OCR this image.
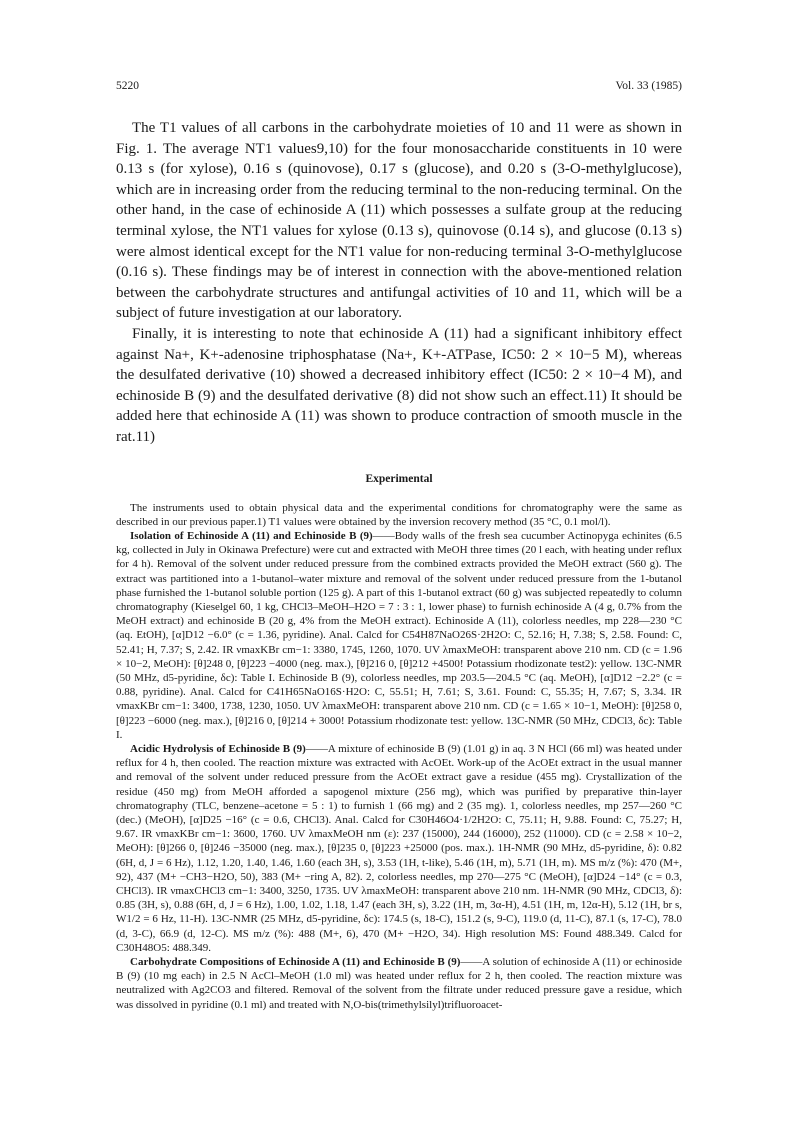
5220	Vol. 33 (1985)

The T1 values of all carbons in the carbohydrate moieties of 10 and 11 were as shown in Fig. 1. The average NT1 values9,10) for the four monosaccharide constituents in 10 were 0.13 s (for xylose), 0.16 s (quinovose), 0.17 s (glucose), and 0.20 s (3-O-methylglucose), which are in increasing order from the reducing terminal to the non-reducing terminal. On the other hand, in the case of echinoside A (11) which possesses a sulfate group at the reducing terminal xylose, the NT1 values for xylose (0.13 s), quinovose (0.14 s), and glucose (0.13 s) were almost identical except for the NT1 value for non-reducing terminal 3-O-methylglucose (0.16 s). These findings may be of interest in connection with the above-mentioned relation between the carbohydrate structures and antifungal activities of 10 and 11, which will be a subject of future investigation at our laboratory.

Finally, it is interesting to note that echinoside A (11) had a significant inhibitory effect against Na+, K+-adenosine triphosphatase (Na+, K+-ATPase, IC50: 2 × 10−5 M), whereas the desulfated derivative (10) showed a decreased inhibitory effect (IC50: 2 × 10−4 M), and echinoside B (9) and the desulfated derivative (8) did not show such an effect.11) It should be added here that echinoside A (11) was shown to produce contraction of smooth muscle in the rat.11)

Experimental

The instruments used to obtain physical data and the experimental conditions for chromatography were the same as described in our previous paper.1) T1 values were obtained by the inversion recovery method (35 °C, 0.1 mol/l).

Isolation of Echinoside A (11) and Echinoside B (9)——Body walls of the fresh sea cucumber Actinopyga echinites (6.5 kg, collected in July in Okinawa Prefecture) were cut and extracted with MeOH three times (20 l each, with heating under reflux for 4 h). Removal of the solvent under reduced pressure from the combined extracts provided the MeOH extract (560 g). The extract was partitioned into a 1-butanol–water mixture and removal of the solvent under reduced pressure from the 1-butanol phase furnished the 1-butanol soluble portion (125 g). A part of this 1-butanol extract (60 g) was subjected repeatedly to column chromatography (Kieselgel 60, 1 kg, CHCl3–MeOH–H2O = 7 : 3 : 1, lower phase) to furnish echinoside A (4 g, 0.7% from the MeOH extract) and echinoside B (20 g, 4% from the MeOH extract). Echinoside A (11), colorless needles, mp 228—230 °C (aq. EtOH), [α]D12 −6.0° (c = 1.36, pyridine). Anal. Calcd for C54H87NaO26S·2H2O: C, 52.16; H, 7.38; S, 2.58. Found: C, 52.41; H, 7.37; S, 2.42. IR νmaxKBr cm−1: 3380, 1745, 1260, 1070. UV λmaxMeOH: transparent above 210 nm. CD (c = 1.96 × 10−2, MeOH): [θ]248 0, [θ]223 −4000 (neg. max.), [θ]216 0, [θ]212 +4500! Potassium rhodizonate test2): yellow. 13C-NMR (50 MHz, d5-pyridine, δc): Table I. Echinoside B (9), colorless needles, mp 203.5—204.5 °C (aq. MeOH), [α]D12 −2.2° (c = 0.88, pyridine). Anal. Calcd for C41H65NaO16S·H2O: C, 55.51; H, 7.61; S, 3.61. Found: C, 55.35; H, 7.67; S, 3.34. IR νmaxKBr cm−1: 3400, 1738, 1230, 1050. UV λmaxMeOH: transparent above 210 nm. CD (c = 1.65 × 10−1, MeOH): [θ]258 0, [θ]223 −6000 (neg. max.), [θ]216 0, [θ]214 + 3000! Potassium rhodizonate test: yellow. 13C-NMR (50 MHz, CDCl3, δc): Table I.

Acidic Hydrolysis of Echinoside B (9)——A mixture of echinoside B (9) (1.01 g) in aq. 3 N HCl (66 ml) was heated under reflux for 4 h, then cooled. The reaction mixture was extracted with AcOEt. Work-up of the AcOEt extract in the usual manner and removal of the solvent under reduced pressure from the AcOEt extract gave a residue (455 mg). Crystallization of the residue (450 mg) from MeOH afforded a sapogenol mixture (256 mg), which was purified by preparative thin-layer chromatography (TLC, benzene–acetone = 5 : 1) to furnish 1 (66 mg) and 2 (35 mg). 1, colorless needles, mp 257—260 °C (dec.) (MeOH), [α]D25 −16° (c = 0.6, CHCl3). Anal. Calcd for C30H46O4·1/2H2O: C, 75.11; H, 9.88. Found: C, 75.27; H, 9.67. IR νmaxKBr cm−1: 3600, 1760. UV λmaxMeOH nm (ε): 237 (15000), 244 (16000), 252 (11000). CD (c = 2.58 × 10−2, MeOH): [θ]266 0, [θ]246 −35000 (neg. max.), [θ]235 0, [θ]223 +25000 (pos. max.). 1H-NMR (90 MHz, d5-pyridine, δ): 0.82 (6H, d, J = 6 Hz), 1.12, 1.20, 1.40, 1.46, 1.60 (each 3H, s), 3.53 (1H, t-like), 5.46 (1H, m), 5.71 (1H, m). MS m/z (%): 470 (M+, 92), 437 (M+ −CH3−H2O, 50), 383 (M+ −ring A, 82). 2, colorless needles, mp 270—275 °C (MeOH), [α]D24 −14° (c = 0.3, CHCl3). IR νmaxCHCl3 cm−1: 3400, 3250, 1735. UV λmaxMeOH: transparent above 210 nm. 1H-NMR (90 MHz, CDCl3, δ): 0.85 (3H, s), 0.88 (6H, d, J = 6 Hz), 1.00, 1.02, 1.18, 1.47 (each 3H, s), 3.22 (1H, m, 3α-H), 4.51 (1H, m, 12α-H), 5.12 (1H, br s, W1/2 = 6 Hz, 11-H). 13C-NMR (25 MHz, d5-pyridine, δc): 174.5 (s, 18-C), 151.2 (s, 9-C), 119.0 (d, 11-C), 87.1 (s, 17-C), 78.0 (d, 3-C), 66.9 (d, 12-C). MS m/z (%): 488 (M+, 6), 470 (M+ −H2O, 34). High resolution MS: Found 488.349. Calcd for C30H48O5: 488.349.

Carbohydrate Compositions of Echinoside A (11) and Echinoside B (9)——A solution of echinoside A (11) or echinoside B (9) (10 mg each) in 2.5 N AcCl–MeOH (1.0 ml) was heated under reflux for 2 h, then cooled. The reaction mixture was neutralized with Ag2CO3 and filtered. Removal of the solvent from the filtrate under reduced pressure gave a residue, which was dissolved in pyridine (0.1 ml) and treated with N,O-bis(trimethylsilyl)trifluoroacet-
